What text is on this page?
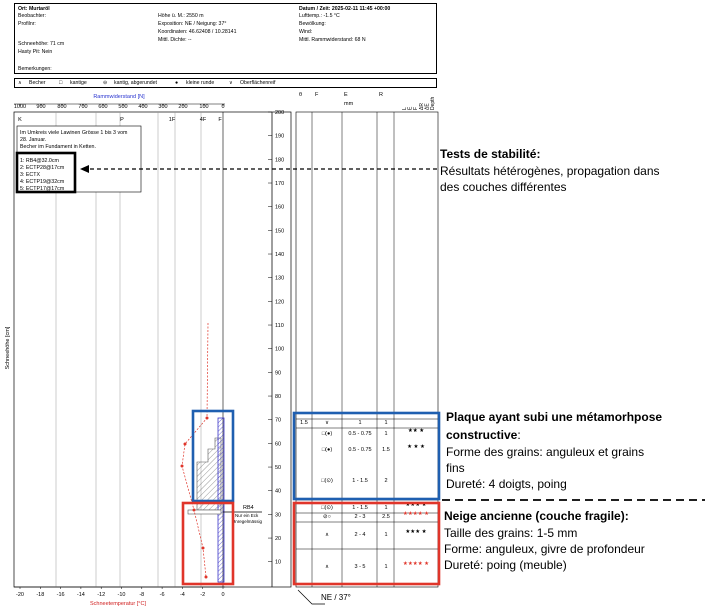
Ort: Murtaröl
Beobachter:
Profilnr:
Schneehöhe: 71 cm
Hasty Pit: Nein
Bemerkungen:
Höhe ü. M.: 2550 m
Exposition: NE / Neigung: 37°
Koordinaten: 46.62408 / 10.28141
Mittl. Dichte: --
Datum / Zeit: 2025-02-11 11:45 +00:00
Lufttemp.: -1.5 °C
Bewölkung:
Wind:
Mittl. Rammwiderstand: 68 N
∧ Becher	□ kantige	⊖ kantig, abgerundet	● kleine runde	∨ Oberflächenreif
Rammwiderstand [N]
1000 900 800 700 600 500 400 300 200 100 0
K	P	1F	4F F
200
190
180
170
160
150
140
130
120
110
100
90
80
70
60
50
40
30
20
10
Schneehöhe [cm]
-20 -18 -16 -14 -12 -10	-8	-6	-4	-2	0
Schneetemperatur [°C]
Im Umkreis viele Lawinen Grösse 1 bis 3 vom
28. Januar.
Becher im Fundament in Ketten.
1: RB4@32.0cm
2: ECTP28@17cm
3: ECTX
4: ECTP19@32cm
5: ECTP17@17cm
RB4
Nur ein Eck
Unregelmässig
θ F	E
mm
R
Depth
ΔE
ΔR
F
E
L
1.5	∨	1	1
□(●)	0.5 - 0.75 1	★★ ★
□(●)	0.5 - 0.75 1.5	★ ★ ★
□(⊙)	1 - 1.5	2
□(⊙)	1 - 1.5	1	★★★ ★
⊘○	2 - 3	2.5 ★★★★ ★
∧	2 - 4	1	★★★ ★
∧	3 - 5	1	★★★★ ★
NE / 37°
Tests de stabilité:
Résultats hétérogènes, propagation dans
des couches différentes
Plaque ayant subi une métamorhpose
constructive:
Forme des grains: anguleux et grains
fins
Dureté: 4 doigts, poing
Neige ancienne (couche fragile):
Taille des grains: 1-5 mm
Forme: anguleux, givre de profondeur
Dureté: poing (meuble)
